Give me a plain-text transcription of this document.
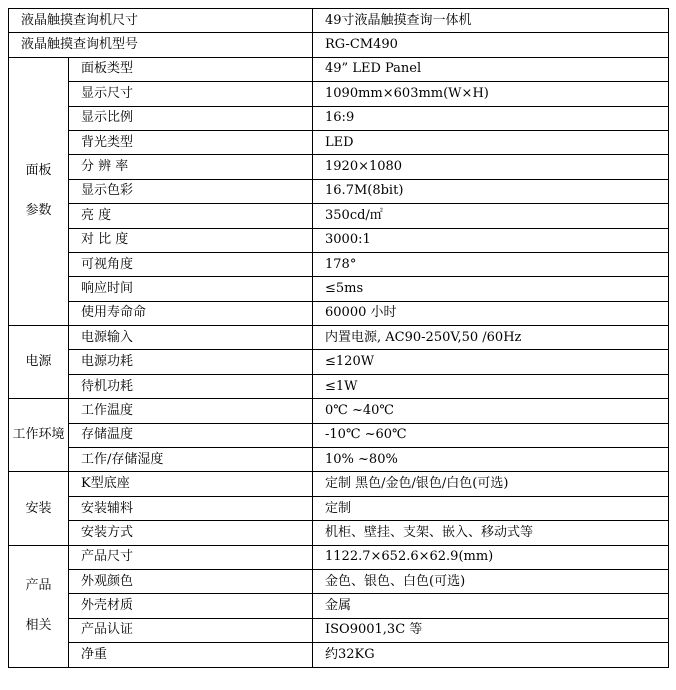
液晶触摸查询机尺寸		49寸液晶触摸查询一体机
液晶触摸查询机型号		RG-CM490

面板
参数	面板类型	49” LED Panel
	显示尺寸	1090mm×603mm(W×H)
	显示比例	16:9
	背光类型	LED
	分 辨 率	1920×1080
	显示色彩	16.7M(8bit)
	亮 度	350cd/㎡
	对 比 度	3000:1
	可视角度	178°
	响应时间	≤5ms
	使用寿命命	60000 小时

电源	电源输入	内置电源, AC90-250V,50 /60Hz
	电源功耗	≤120W
	待机功耗	≤1W

工作环境	工作温度	0℃ ~40℃
	存储温度	-10℃ ~60℃
	工作/存储湿度	10% ~80%

安装	K型底座	定制 黑色/金色/银色/白色(可选)
	安装辅料	定制
	安装方式	机柜、壁挂、支架、嵌入、移动式等

产品
相关	产品尺寸	1122.7×652.6×62.9(mm)
	外观颜色	金色、银色、白色(可选)
	外壳材质	金属
	产品认证	ISO9001,3C 等
	净重	约32KG
